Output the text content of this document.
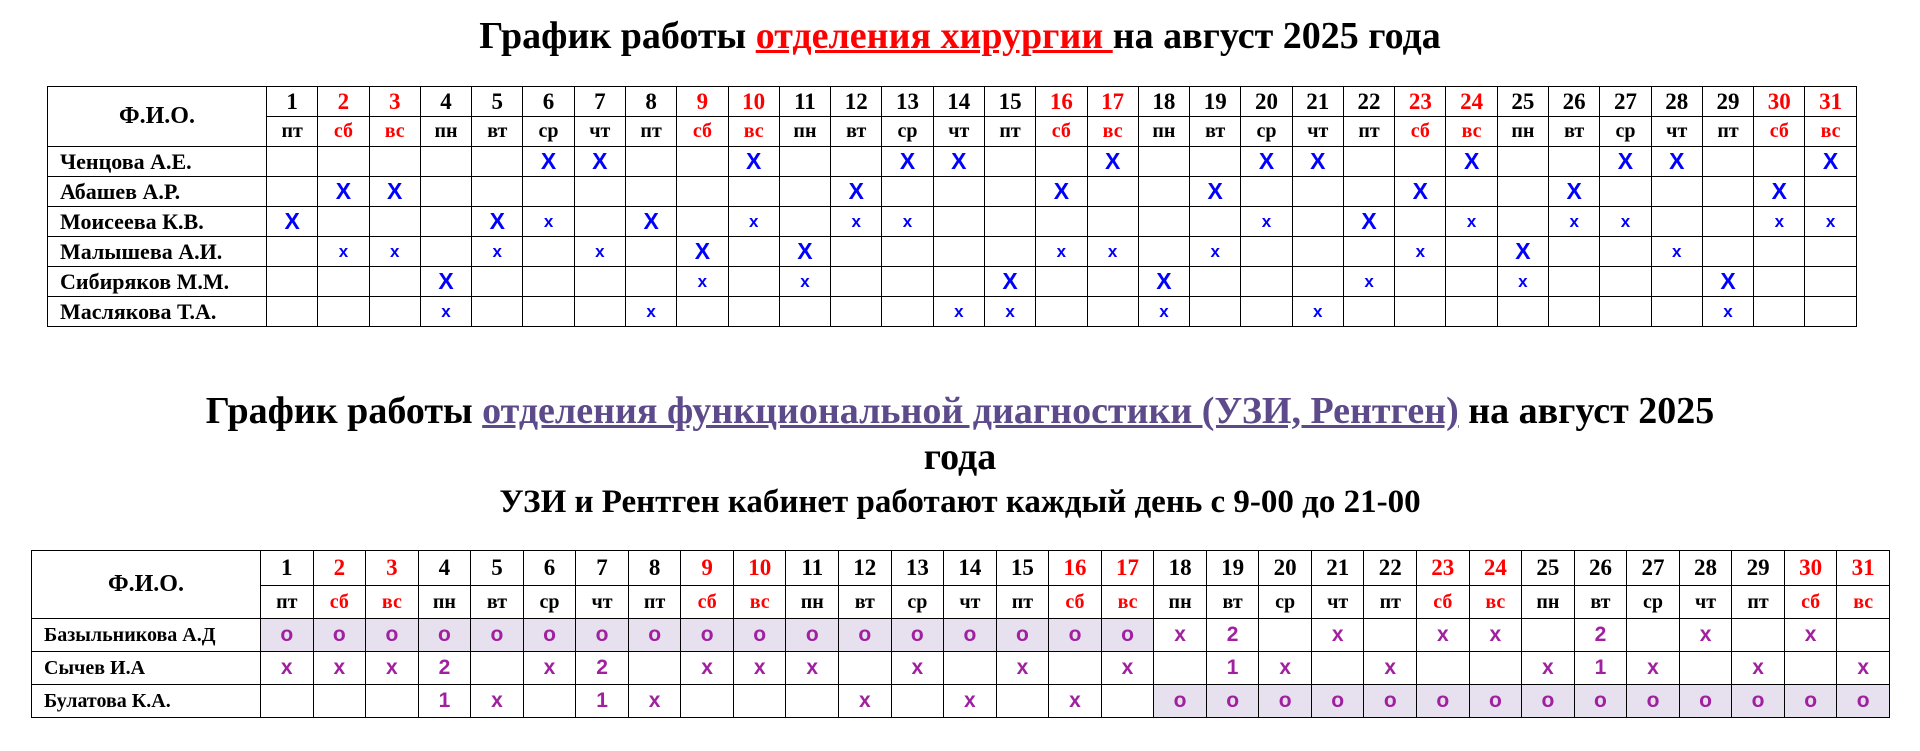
График работы отделения хирургии на август 2025 года
Ф.И.О.	1	2	3	4	5	6	7	8	9	10	11	12	13	14	15	16	17	18	19	20	21	22	23	24	25	26	27	28	29	30	31
	пт	сб	вс	пн	вт	ср	чт	пт	сб	вс	пн	вт	ср	чт	пт	сб	вс	пн	вт	ср	чт	пт	сб	вс	пн	вт	ср	чт	пт	сб	вс
Ченцова А.Е.						X	X			X			X	X			X			X	X			X			X	X			X
Абашев А.Р.		X	X									X				X			X				X			X				X	
Моисеева К.В.	X				X	x		X		x		x	x							x		X		x		x	x			x	x
Малышева А.И.		x	x		x		x		X		X					x	x		x				x		X			x			
Сибиряков М.М.				X					x		x				X			X				x			x				X		
Маслякова Т.А.				x				x						x	x			x			x								x		
График работы отделения функциональной диагностики (УЗИ, Рентген) на август 2025
года
УЗИ и Рентген кабинет работают каждый день с 9-00 до 21-00
Ф.И.О.	1	2	3	4	5	6	7	8	9	10	11	12	13	14	15	16	17	18	19	20	21	22	23	24	25	26	27	28	29	30	31
	пт	сб	вс	пн	вт	ср	чт	пт	сб	вс	пн	вт	ср	чт	пт	сб	вс	пн	вт	ср	чт	пт	сб	вс	пн	вт	ср	чт	пт	сб	вс
Базыльникова А.Д	o	o	o	o	o	o	o	o	o	o	o	o	o	o	o	o	o	x	2		x		x	x		2		x		x	
Сычев И.А	x	x	x	2		x	2		x	x	x		x		x		x		1	x		x			x	1	x		x		x
Булатова К.А.				1	x		1	x				x		x		x		o	o	o	o	o	o	o	o	o	o	o	o	o	o
